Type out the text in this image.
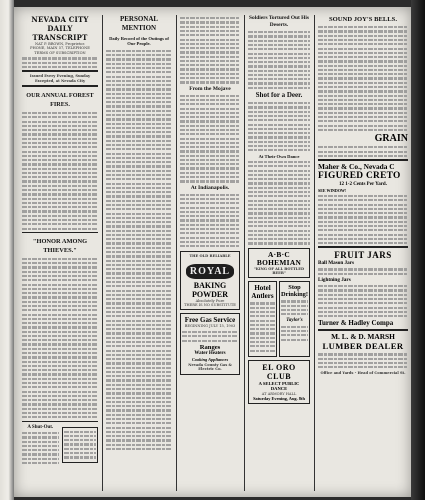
NEVADA CITY DAILY TRANSCRIPT
NAT P. BROWN, Proprietor.
PHONE, MAIN 57, TELEPHONE
TERMS OF SUBSCRIPTION
Issued Every Evening, Sunday Excepted, at Nevada City
OUR ANNUAL FOREST FIRES.
"HONOR AMONG THIEVES."
A Shut-Out.
PERSONAL MENTION
Daily Record of the Outings of Our People.
From the Mojave
At Indianapolis.
THE OLD RELIABLE
ROYAL
BAKING
POWDER
Absolutely Pure
THERE IS NO SUBSTITUTE
Free Gas Service
BEGINNING JULY 15, 1903
Ranges
Water Heaters
Cooking Appliances
Nevada County Gas & Electric Co.
Soldiers Tortured Out His Deserts.
Shot for a Deer.
At Their Own Dance
A·B·C BOHEMIAN
"KING OF ALL BOTTLED BEER"
Hotel Antlers
Stop Drinking!
Taylor's
EL ORO CLUB
A SELECT PUBLIC DANCE
AT ARMORY HALL
Saturday Evening, Aug. 8th
SOUND JOY'S BELLS.
GRAIN
Maher & Co., Nevada C
FIGURED CRETO
12 1-2 Cents Per Yard.
SEE WINDOW!
FRUIT JARS
Ball Mason Jars
Lightning Jars
Turner & Hadley Compa
M. L. & D. MARSH
LUMBER DEALER
Office and Yards - Head of Commercial St.
